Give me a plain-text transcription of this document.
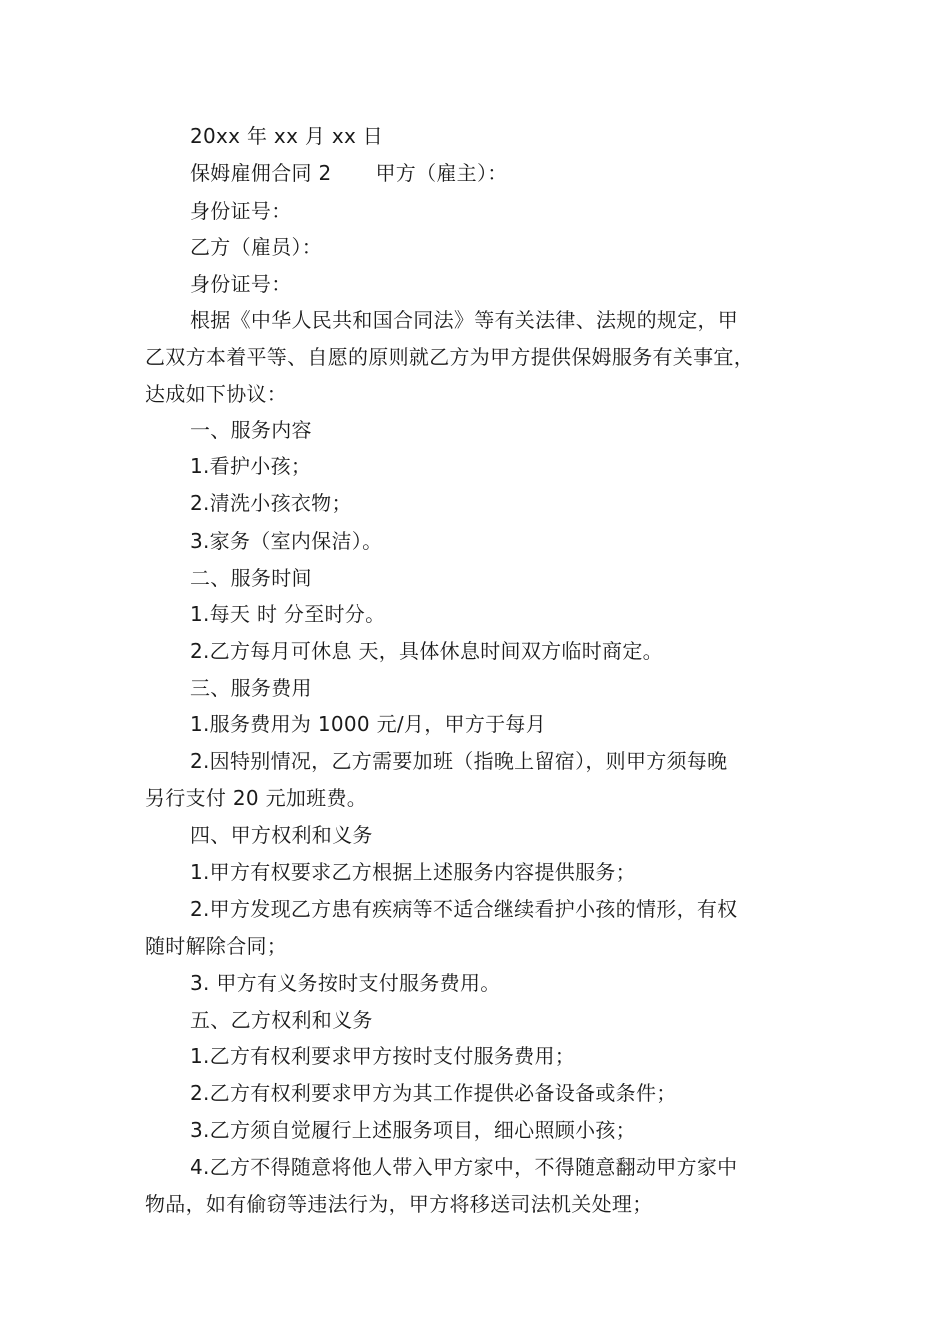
20xx 年 xx 月 xx 日
保姆雇佣合同 2 甲方（雇主）：
身份证号：
乙方（雇员）：
身份证号：
根据《中华人民共和国合同法》等有关法律、法规的规定，甲
乙双方本着平等、自愿的原则就乙方为甲方提供保姆服务有关事宜，
达成如下协议：
一、服务内容
1.看护小孩；
2.清洗小孩衣物；
3.家务（室内保洁）。
二、服务时间
1.每天 时 分至时分。
2.乙方每月可休息 天，具体休息时间双方临时商定。
三、服务费用
1.服务费用为 1000 元/月，甲方于每月
2.因特别情况，乙方需要加班（指晚上留宿），则甲方须每晚
另行支付 20 元加班费。
四、甲方权利和义务
1.甲方有权要求乙方根据上述服务内容提供服务；
2.甲方发现乙方患有疾病等不适合继续看护小孩的情形，有权
随时解除合同；
3. 甲方有义务按时支付服务费用。
五、乙方权利和义务
1.乙方有权利要求甲方按时支付服务费用；
2.乙方有权利要求甲方为其工作提供必备设备或条件；
3.乙方须自觉履行上述服务项目，细心照顾小孩；
4.乙方不得随意将他人带入甲方家中，不得随意翻动甲方家中
物品，如有偷窃等违法行为，甲方将移送司法机关处理；
